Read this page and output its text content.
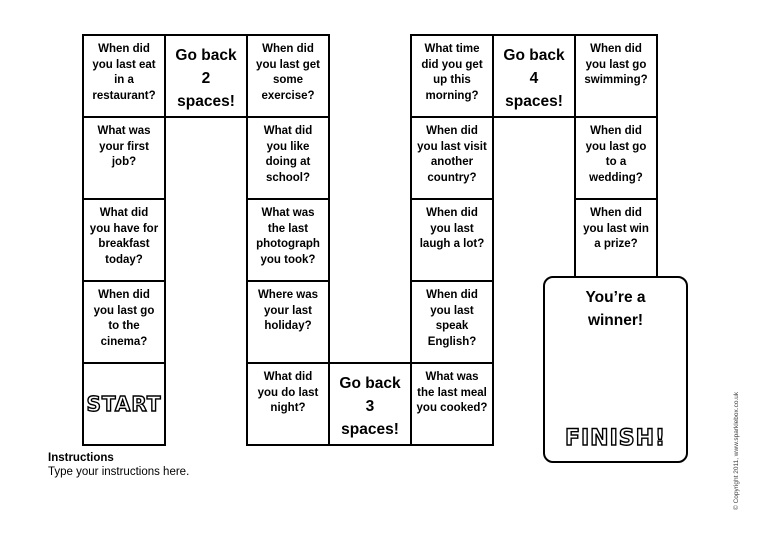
When did
you last eat
in a
restaurant?
What was
your first
job?
What did
you have for
breakfast
today?
When did
you last go
to the
cinema?
START
Go back
2
spaces!
When did
you last get
some
exercise?
What did
you like
doing at
school?
What was
the last
photograph
you took?
Where was
your last
holiday?
What did
you do last
night?
Go back
3
spaces!
What time
did you get
up this
morning?
When did
you last visit
another
country?
When did
you last
laugh a lot?
When did
you last
speak
English?
What was
the last meal
you cooked?
Go back
4
spaces!
When did
you last go
swimming?
When did
you last go
to a
wedding?
When did
you last win
a prize?
You’re a
winner!
FINISH!
Instructions
Type your instructions here.	© Copyright 2011, www.sparklebox.co.uk
